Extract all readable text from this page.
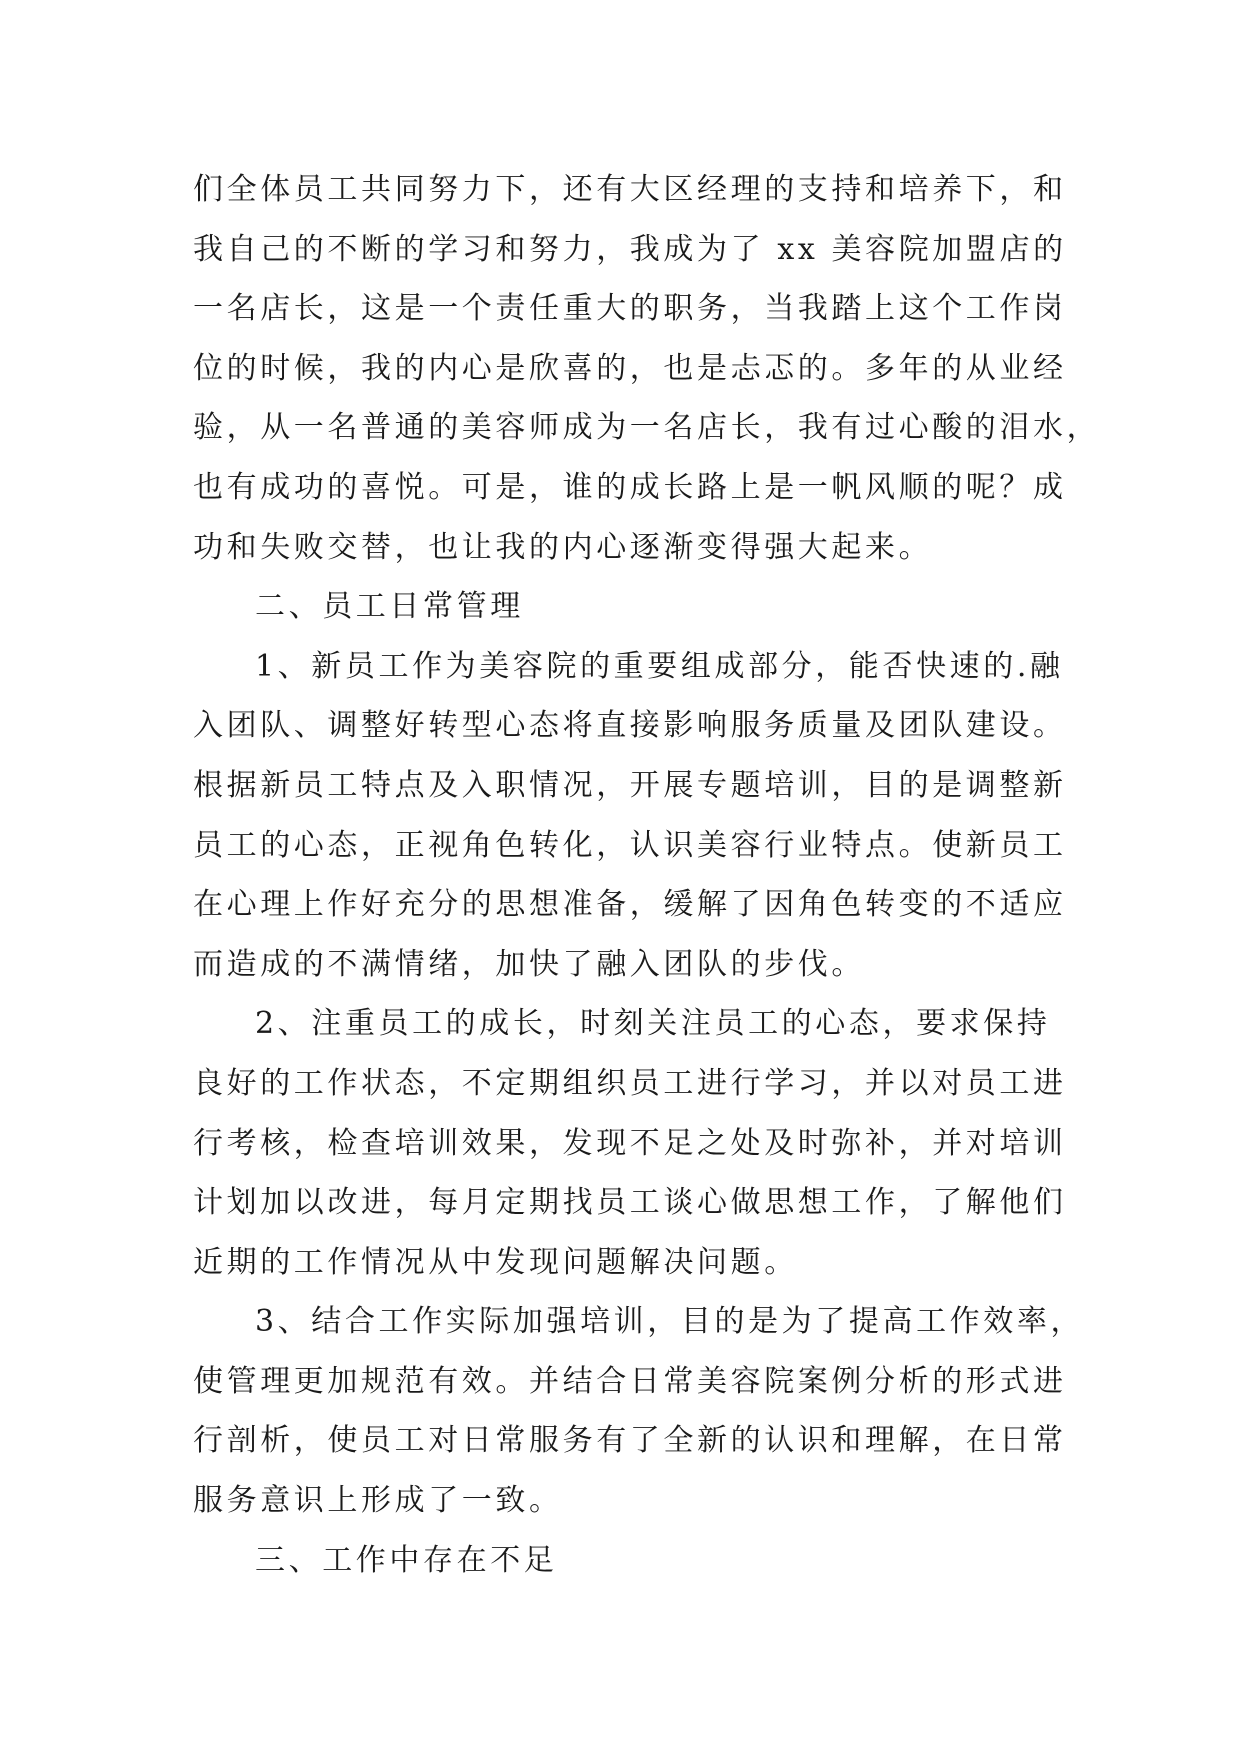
们全体员工共同努力下，还有大区经理的支持和培养下，和
我自己的不断的学习和努力，我成为了 xx 美容院加盟店的
一名店长，这是一个责任重大的职务，当我踏上这个工作岗
位的时候，我的内心是欣喜的，也是忐忑的。多年的从业经
验，从一名普通的美容师成为一名店长，我有过心酸的泪水，
也有成功的喜悦。可是，谁的成长路上是一帆风顺的呢？成
功和失败交替，也让我的内心逐渐变得强大起来。
二、员工日常管理
1、新员工作为美容院的重要组成部分，能否快速的.融
入团队、调整好转型心态将直接影响服务质量及团队建设。
根据新员工特点及入职情况，开展专题培训，目的是调整新
员工的心态，正视角色转化，认识美容行业特点。使新员工
在心理上作好充分的思想准备，缓解了因角色转变的不适应
而造成的不满情绪，加快了融入团队的步伐。
2、注重员工的成长，时刻关注员工的心态，要求保持
良好的工作状态，不定期组织员工进行学习，并以对员工进
行考核，检查培训效果，发现不足之处及时弥补，并对培训
计划加以改进，每月定期找员工谈心做思想工作，了解他们
近期的工作情况从中发现问题解决问题。
3、结合工作实际加强培训，目的是为了提高工作效率，
使管理更加规范有效。并结合日常美容院案例分析的形式进
行剖析，使员工对日常服务有了全新的认识和理解，在日常
服务意识上形成了一致。
三、工作中存在不足
